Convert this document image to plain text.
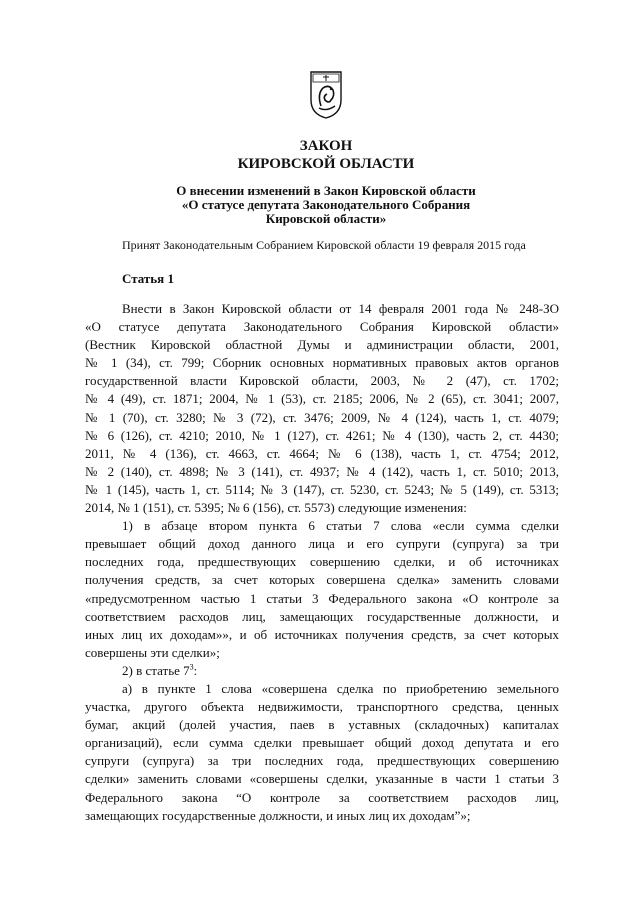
ЗАКОН
КИРОВСКОЙ ОБЛАСТИ
О внесении изменений в Закон Кировской области
«О статусе депутата Законодательного Собрания
Кировской области»
Принят Законодательным Собранием Кировской области 19 февраля 2015 года
Статья 1
Внести в Закон Кировской области от 14 февраля 2001 года № 248-ЗО
«О статусе депутата Законодательного Собрания Кировской области»
(Вестник Кировской областной Думы и администрации области, 2001,
№ 1 (34), ст. 799; Сборник основных нормативных правовых актов органов
государственной власти Кировской области, 2003, № 2 (47), ст. 1702;
№ 4 (49), ст. 1871; 2004, № 1 (53), ст. 2185; 2006, № 2 (65), ст. 3041; 2007,
№ 1 (70), ст. 3280; № 3 (72), ст. 3476; 2009, № 4 (124), часть 1, ст. 4079;
№ 6 (126), ст. 4210; 2010, № 1 (127), ст. 4261; № 4 (130), часть 2, ст. 4430;
2011, № 4 (136), ст. 4663, ст. 4664; № 6 (138), часть 1, ст. 4754; 2012,
№ 2 (140), ст. 4898; № 3 (141), ст. 4937; № 4 (142), часть 1, ст. 5010; 2013,
№ 1 (145), часть 1, ст. 5114; № 3 (147), ст. 5230, ст. 5243; № 5 (149), ст. 5313;
2014, № 1 (151), ст. 5395; № 6 (156), ст. 5573) следующие изменения:
1) в абзаце втором пункта 6 статьи 7 слова «если сумма сделки
превышает общий доход данного лица и его супруги (супруга) за три
последних года, предшествующих совершению сделки, и об источниках
получения средств, за счет которых совершена сделка» заменить словами
«предусмотренном частью 1 статьи 3 Федерального закона «О контроле за
соответствием расходов лиц, замещающих государственные должности, и
иных лиц их доходам»», и об источниках получения средств, за счет которых
совершены эти сделки»;
2) в статье $7^3$:
а) в пункте 1 слова «совершена сделка по приобретению земельного
участка, другого объекта недвижимости, транспортного средства, ценных
бумаг, акций (долей участия, паев в уставных (складочных) капиталах
организаций), если сумма сделки превышает общий доход депутата и его
супруги (супруга) за три последних года, предшествующих совершению
сделки» заменить словами «совершены сделки, указанные в части 1 статьи 3
Федерального закона “О контроле за соответствием расходов лиц,
замещающих государственные должности, и иных лиц их доходам”»;
